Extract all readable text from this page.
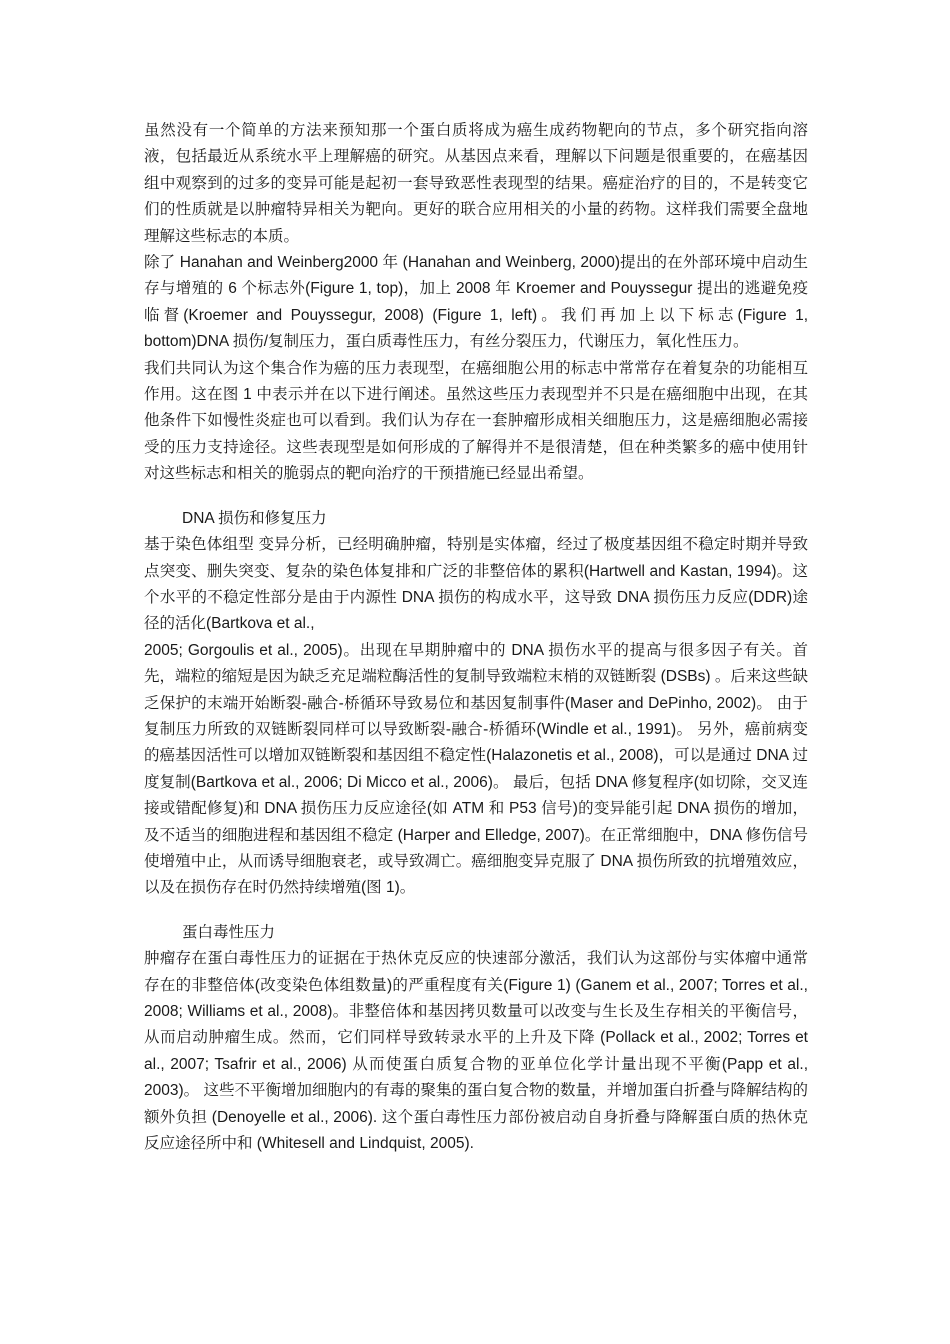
虽然没有一个简单的方法来预知那一个蛋白质将成为癌生成药物靶向的节点，多个研究指向溶液，包括最近从系统水平上理解癌的研究。从基因点来看，理解以下问题是很重要的，在癌基因组中观察到的过多的变异可能是起初一套导致恶性表现型的结果。癌症治疗的目的，不是转变它们的性质就是以肿瘤特异相关为靶向。更好的联合应用相关的小量的药物。这样我们需要全盘地理解这些标志的本质。

除了 Hanahan and Weinberg2000 年 (Hanahan and Weinberg, 2000)提出的在外部环境中启动生存与增殖的 6 个标志外(Figure 1, top)，加上 2008 年 Kroemer and Pouyssegur 提出的逃避免疫临督(Kroemer and Pouyssegur, 2008) (Figure 1, left)。我们再加上以下标志(Figure 1, bottom)DNA 损伤/复制压力，蛋白质毒性压力，有丝分裂压力，代谢压力，氧化性压力。

我们共同认为这个集合作为癌的压力表现型，在癌细胞公用的标志中常常存在着复杂的功能相互作用。这在图 1 中表示并在以下进行阐述。虽然这些压力表现型并不只是在癌细胞中出现，在其他条件下如慢性炎症也可以看到。我们认为存在一套肿瘤形成相关细胞压力，这是癌细胞必需接受的压力支持途径。这些表现型是如何形成的了解得并不是很清楚，但在种类繁多的癌中使用针对这些标志和相关的脆弱点的靶向治疗的干预措施已经显出希望。

DNA 损伤和修复压力

基于染色体组型 变异分析，已经明确肿瘤，特别是实体瘤，经过了极度基因组不稳定时期并导致点突变、删失突变、复杂的染色体复排和广泛的非整倍体的累积(Hartwell and Kastan, 1994)。这个水平的不稳定性部分是由于内源性 DNA 损伤的构成水平，这导致 DNA 损伤压力反应(DDR)途径的活化(Bartkova et al.,

2005; Gorgoulis et al., 2005)。出现在早期肿瘤中的 DNA 损伤水平的提高与很多因子有关。首先，端粒的缩短是因为缺乏充足端粒酶活性的复制导致端粒末梢的双链断裂 (DSBs) 。后来这些缺乏保护的末端开始断裂-融合-桥循环导致易位和基因复制事件(Maser and DePinho, 2002)。 由于复制压力所致的双链断裂同样可以导致断裂-融合-桥循环(Windle et al., 1991)。 另外，癌前病变 的癌基因活性可以增加双链断裂和基因组不稳定性(Halazonetis et al., 2008)，可以是通过 DNA 过度复制(Bartkova et al., 2006; Di Micco et al., 2006)。 最后，包括 DNA 修复程序(如切除，交叉连接或错配修复)和 DNA 损伤压力反应途径(如 ATM 和 P53 信号)的变异能引起 DNA 损伤的增加，及不适当的细胞进程和基因组不稳定 (Harper and Elledge, 2007)。在正常细胞中，DNA 修伤信号使增殖中止，从而诱导细胞衰老，或导致凋亡。癌细胞变异克服了 DNA 损伤所致的抗增殖效应，以及在损伤存在时仍然持续增殖(图 1)。

蛋白毒性压力

肿瘤存在蛋白毒性压力的证据在于热休克反应的快速部分激活，我们认为这部份与实体瘤中通常存在的非整倍体(改变染色体组数量)的严重程度有关(Figure 1) (Ganem et al., 2007; Torres et al., 2008; Williams et al., 2008)。非整倍体和基因拷贝数量可以改变与生长及生存相关的平衡信号，从而启动肿瘤生成。然而，它们同样导致转录水平的上升及下降 (Pollack et al., 2002; Torres et al., 2007; Tsafrir et al., 2006) 从而使蛋白质复合物的亚单位化学计量出现不平衡(Papp et al., 2003)。 这些不平衡增加细胞内的有毒的聚集的蛋白复合物的数量，并增加蛋白折叠与降解结构的额外负担 (Denoyelle et al., 2006). 这个蛋白毒性压力部份被启动自身折叠与降解蛋白质的热休克反应途径所中和 (Whitesell and Lindquist, 2005).
